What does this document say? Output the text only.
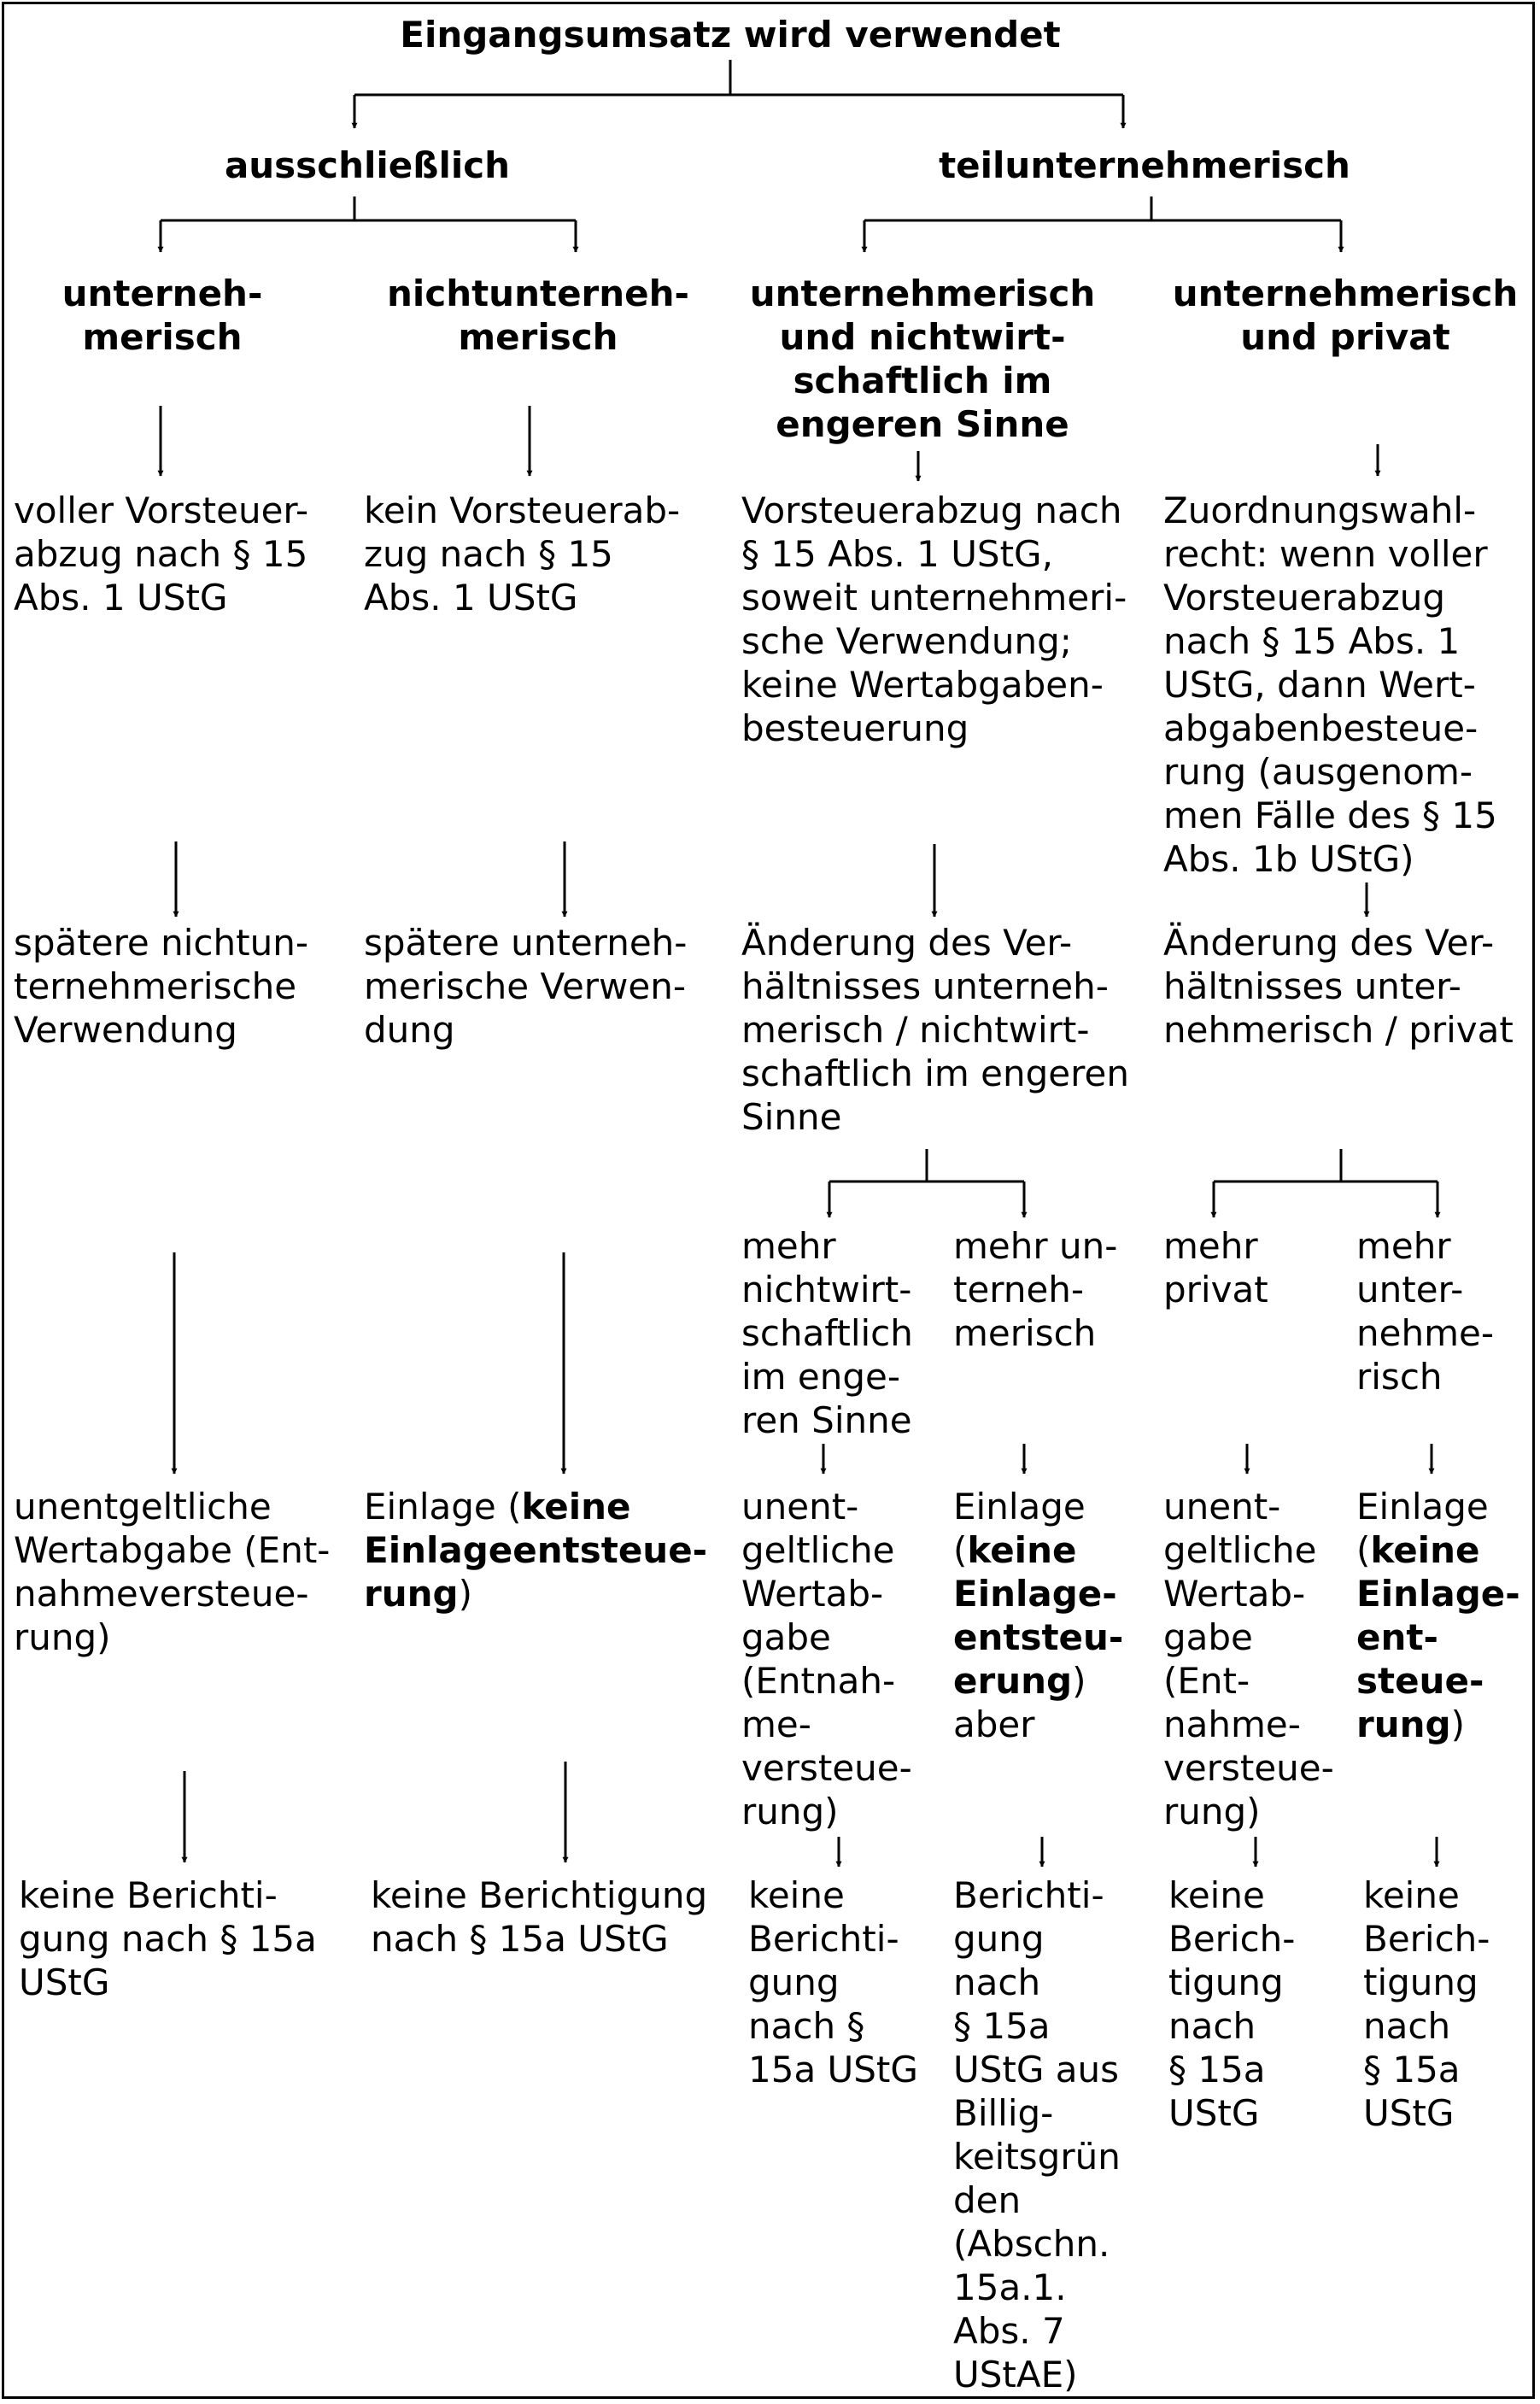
Eingangsumsatz wird verwendet
ausschließlich	teilunternehmerisch
unterneh-
merisch
nichtunterneh-
merisch
unternehmerisch
und nichtwirt-
schaftlich im
engeren Sinne
unternehmerisch
und privat
voller Vorsteuer-
abzug nach § 15
Abs. 1 UStG
kein Vorsteuerab-
zug nach § 15
Abs. 1 UStG
Vorsteuerabzug nach
§ 15 Abs. 1 UStG,
soweit unternehmeri-
sche Verwendung;
keine Wertabgaben-
besteuerung
Zuordnungswahl-
recht: wenn voller
Vorsteuerabzug
nach § 15 Abs. 1
UStG, dann Wert-
abgabenbesteue-
rung (ausgenom-
men Fälle des § 15
Abs. 1b UStG)
spätere nichtun-
ternehmerische
Verwendung
spätere unterneh-
merische Verwen-
dung
Änderung des Ver-
hältnisses unterneh-
merisch / nichtwirt-
schaftlich im engeren
Sinne
Änderung des Ver-
hältnisses unter-
nehmerisch / privat
mehr
nichtwirt-
schaftlich
im enge-
ren Sinne
mehr un-
terneh-
merisch
mehr
privat
mehr
unter-
nehme-
risch
unentgeltliche
Wertabgabe (Ent-
nahmeversteue-
rung)
Einlage (keine
Einlageentsteue-
rung)
unent-
geltliche
Wertab-
gabe
(Entnah-
me-
versteue-
rung)
Einlage
(keine
Einlage-
entsteu-
erung)
aber
unent-
geltliche
Wertab-
gabe
(Ent-
nahme-
versteue-
rung)
Einlage
(keine
Einlage-
ent-
steue-
rung)
keine Berichti-
gung nach § 15a
UStG
keine Berichtigung
nach § 15a UStG
keine
Berichti-
gung
nach §
15a UStG
Berichti-
gung
nach
§ 15a
UStG aus
Billig-
keitsgrün
den
(Abschn.
15a.1.
Abs. 7
UStAE)
keine
Berich-
tigung
nach
§ 15a
UStG
keine
Berich-
tigung
nach
§ 15a
UStG
